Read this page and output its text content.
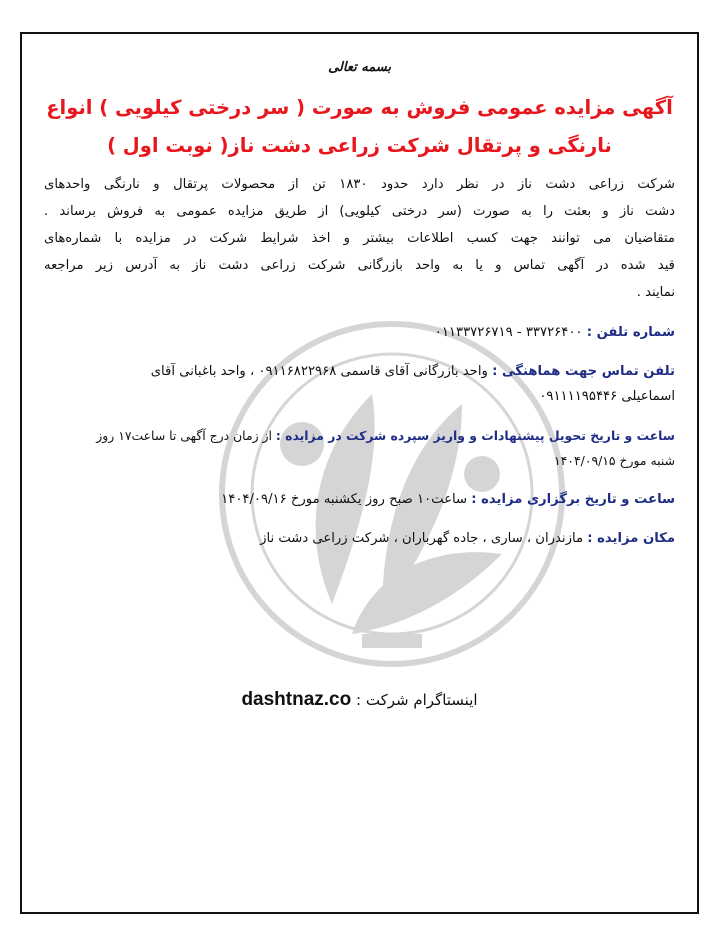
بسمه تعالی

آگهی مزایده عمومی فروش به صورت ( سر درختی کیلویی ) انواع
نارنگی و پرتقال شرکت زراعی دشت ناز( نوبت اول )

شرکت زراعی دشت ناز در نظر دارد حدود ۱۸۳۰ تن از محصولات پرتقال و نارنگی واحدهای
دشت ناز و بعثت را به صورت (سر درختی کیلویی) از طریق مزایده عمومی به فروش برساند .
متقاضیان می توانند جهت کسب اطلاعات بیشتر و اخذ شرایط شرکت در مزایده با شماره‌های
قید شده در آگهی تماس و یا به واحد بازرگانی شرکت زراعی دشت ناز به آدرس زیر مراجعه
نمایند .

شماره تلفن : ۳۳۷۲۶۴۰۰ - ۰۱۱۳۳۷۲۶۷۱۹

تلفن تماس جهت هماهنگی : واحد بازرگانی آقای قاسمی ۰۹۱۱۶۸۲۲۹۶۸ ، واحد باغبانی آقای
اسماعیلی ۰۹۱۱۱۱۹۵۴۴۶

ساعت و تاریخ تحویل پیشنهادات و واریز سپرده شرکت در مزایده : از زمان درج آگهی تا ساعت۱۷ روز
شنبه مورخ ۱۴۰۴/۰۹/۱۵

ساعت و تاریخ برگزاری مزایده : ساعت۱۰ صبح روز یکشنبه مورخ ۱۴۰۴/۰۹/۱۶

مکان مزایده : مازندران ، ساری ، جاده گهرباران ، شرکت زراعی دشت ناز

اینستاگرام شرکت : dashtnaz.co
